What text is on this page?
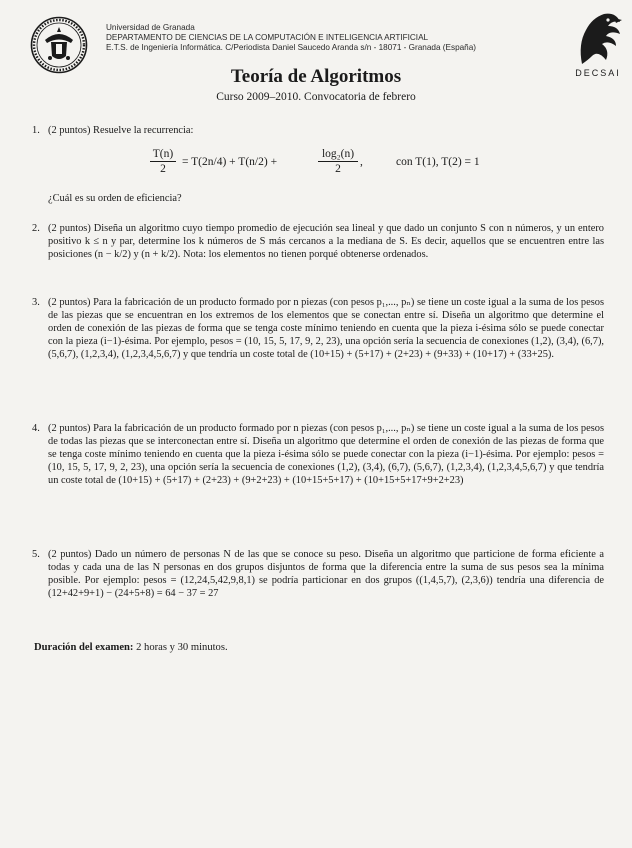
Universidad de Granada
DEPARTAMENTO DE CIENCIAS DE LA COMPUTACIÓN E INTELIGENCIA ARTIFICIAL
E.T.S. de Ingeniería Informática. C/Periodista Daniel Saucedo Aranda s/n - 18071 - Granada (España)
DECSAI
Teoría de Algoritmos
Curso 2009–2010. Convocatoria de febrero
1. (2 puntos) Resuelve la recurrencia:
$\frac{T(n)}{2} = T(2n/4) + T(n/2)$ +	$\frac{\text{log₂(n)}}{2}$ ,	con T(1), T(2) = 1
¿Cuál es su orden de eficiencia?
2. (2 puntos) Diseña un algoritmo cuyo tiempo promedio de ejecución sea lineal y que dado un conjunto S con n números, y un entero positivo k ≤ n y par, determine los k números de S más cercanos a la mediana de S. Es decir, aquellos que se encuentren entre las posiciones (n − k/2) y (n + k/2). Nota: los elementos no tienen porqué obtenerse ordenados.
3. (2 puntos) Para la fabricación de un producto formado por n piezas (con pesos p₁,..., pₙ) se tiene un coste igual a la suma de los pesos de las piezas que se encuentran en los extremos de los elementos que se conectan entre sí. Diseña un algoritmo que determine el orden de conexión de las piezas de forma que se tenga coste mínimo teniendo en cuenta que la pieza i-ésima sólo se puede conectar con la pieza (i−1)-ésima. Por ejemplo, pesos = (10, 15, 5, 17, 9, 2, 23), una opción sería la secuencia de conexiones (1,2), (3,4), (6,7), (5,6,7), (1,2,3,4), (1,2,3,4,5,6,7) y que tendría un coste total de (10+15) + (5+17) + (2+23) + (9+33) + (10+17) + (33+25).
4. (2 puntos) Para la fabricación de un producto formado por n piezas (con pesos p₁,..., pₙ) se tiene un coste igual a la suma de los pesos de todas las piezas que se interconectan entre sí. Diseña un algoritmo que determine el orden de conexión de las piezas de forma que se tenga coste mínimo teniendo en cuenta que la pieza i-ésima sólo se puede conectar con la pieza (i−1)-ésima. Por ejemplo: pesos = (10, 15, 5, 17, 9, 2, 23), una opción sería la secuencia de conexiones (1,2), (3,4), (6,7), (5,6,7), (1,2,3,4), (1,2,3,4,5,6,7) y que tendría un coste total de (10+15) + (5+17) + (2+23) + (9+2+23) + (10+15+5+17) + (10+15+5+17+9+2+23)
5. (2 puntos) Dado un número de personas N de las que se conoce su peso. Diseña un algoritmo que particione de forma eficiente a todas y cada una de las N personas en dos grupos disjuntos de forma que la diferencia entre la suma de sus pesos sea la mínima posible. Por ejemplo: pesos = (12,24,5,42,9,8,1) se podría particionar en dos grupos ((1,4,5,7), (2,3,6)) tendría una diferencia de (12+42+9+1) − (24+5+8) = 64 − 37 = 27
Duración del examen: 2 horas y 30 minutos.
